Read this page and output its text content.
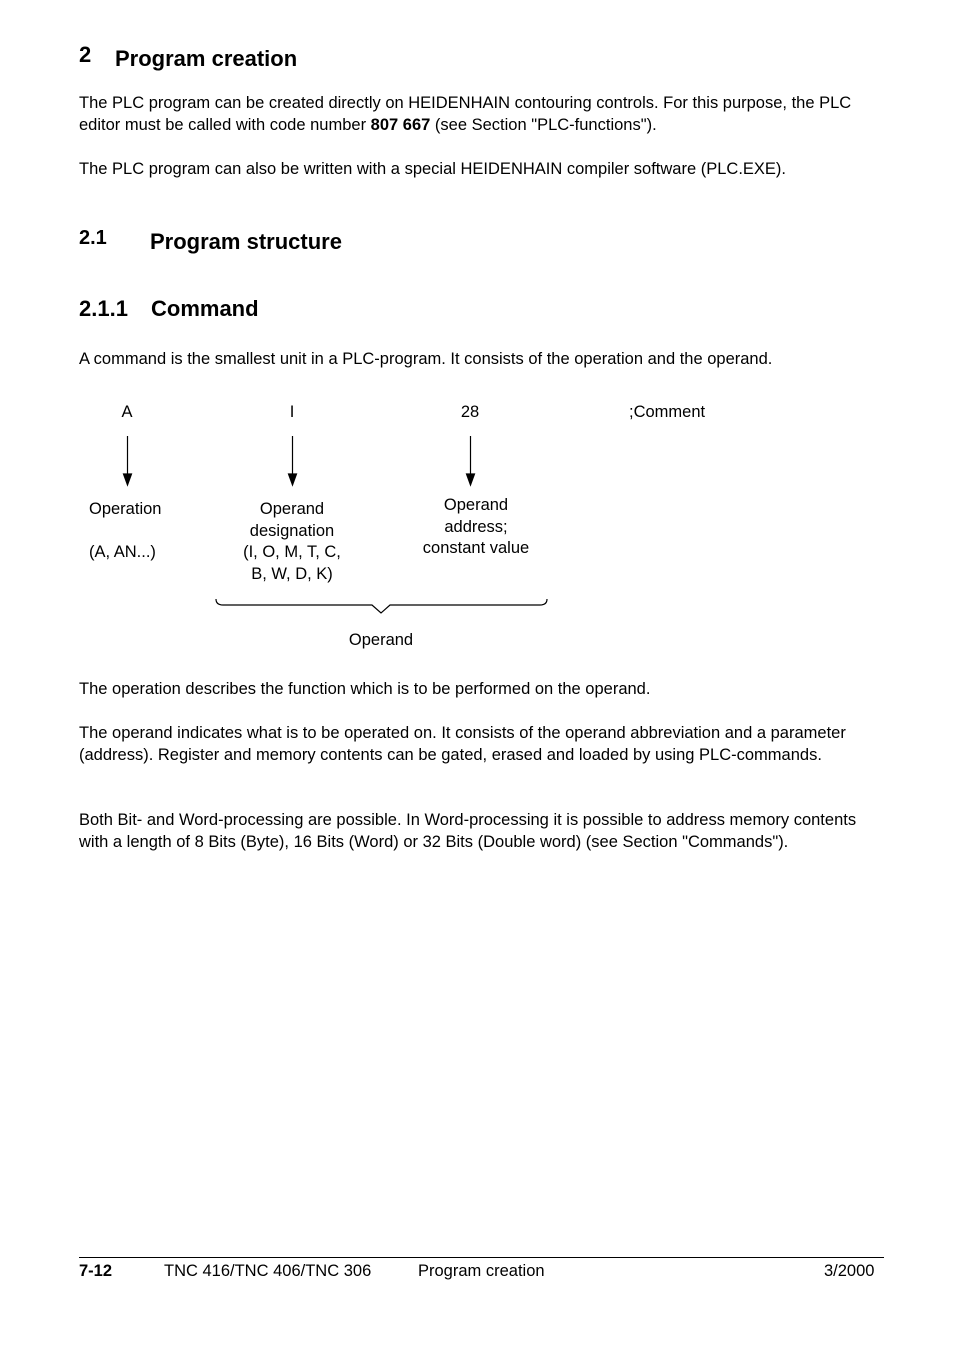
2 Program creation

The PLC program can be created directly on HEIDENHAIN contouring controls. For this purpose, the PLC editor must be called with code number 807 667 (see Section "PLC-functions").

The PLC program can also be written with a special HEIDENHAIN compiler software (PLC.EXE).

2.1 Program structure
2.1.1 Command

A command is the smallest unit in a PLC-program. It consists of the operation and the operand.

A	I	28	;Comment
Operation
(A, AN...)
Operand
designation
(I, O, M, T, C,
B, W, D, K)
Operand
address;
constant value
Operand

The operation describes the function which is to be performed on the operand.

The operand indicates what is to be operated on. It consists of the operand abbreviation and a parameter (address). Register and memory contents can be gated, erased and loaded by using PLC-commands.

Both Bit- and Word-processing are possible. In Word-processing it is possible to address memory contents with a length of 8 Bits (Byte), 16 Bits (Word) or 32 Bits (Double word) (see Section "Commands").

7-12	TNC 416/TNC 406/TNC 306	Program creation	3/2000
